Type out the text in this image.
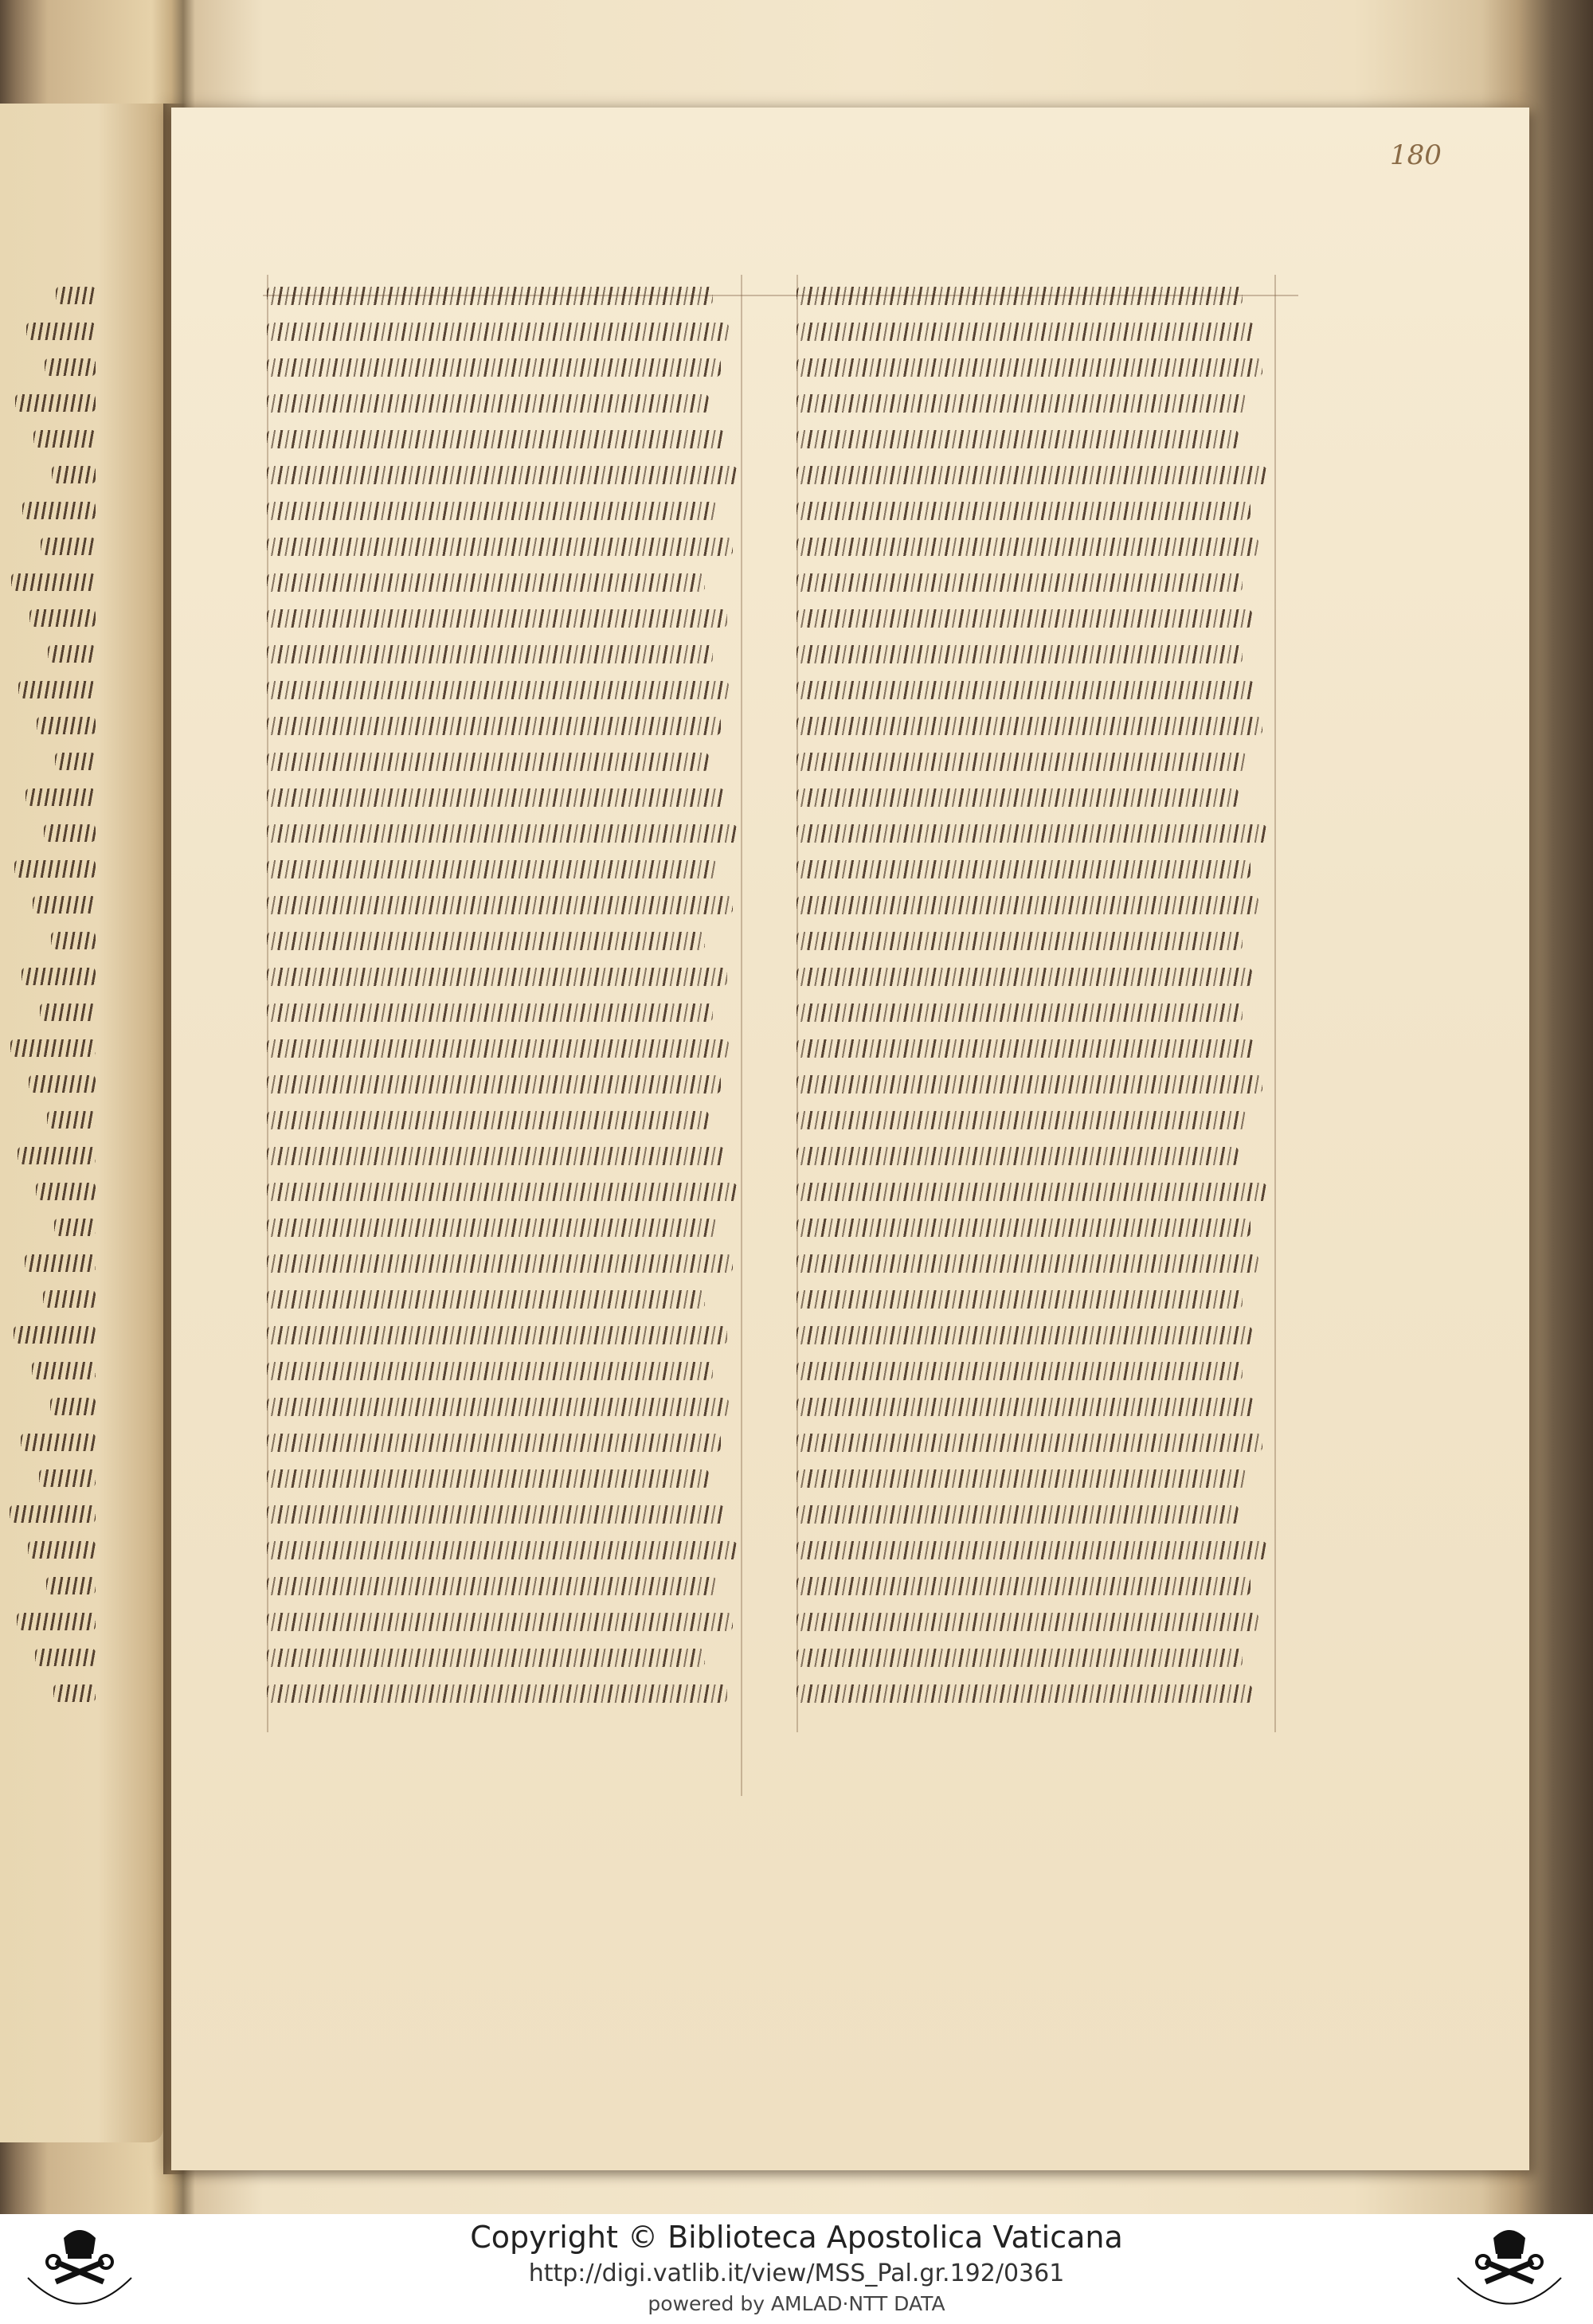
180
Copyright © Biblioteca Apostolica Vaticana
http://digi.vatlib.it/view/MSS_Pal.gr.192/0361
powered by AMLAD·NTT DATA
